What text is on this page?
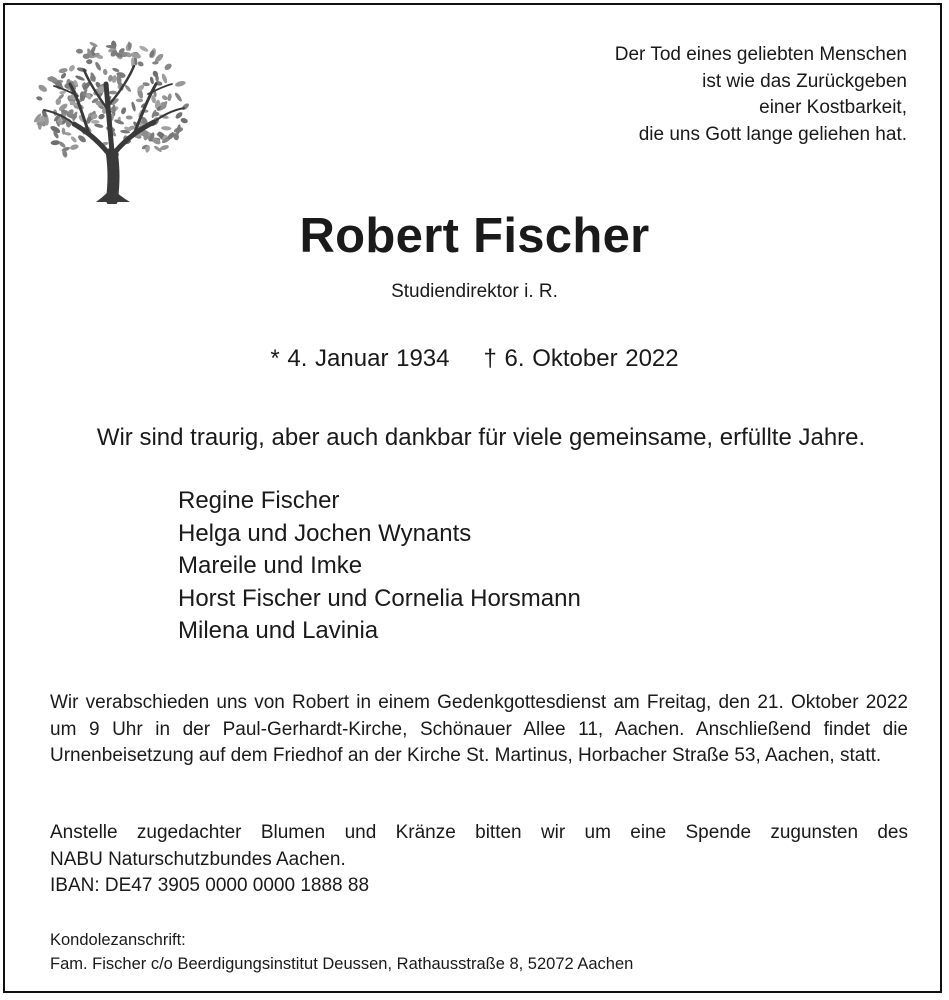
Der Tod eines geliebten Menschen
ist wie das Zurückgeben
einer Kostbarkeit,
die uns Gott lange geliehen hat.
Robert Fischer
Studiendirektor i. R.
* 4. Januar 1934 † 6. Oktober 2022
Wir sind traurig, aber auch dankbar für viele gemeinsame, erfüllte Jahre.
Regine Fischer
Helga und Jochen Wynants
Mareile und Imke
Horst Fischer und Cornelia Horsmann
Milena und Lavinia
Wir verabschieden uns von Robert in einem Gedenkgottesdienst am Freitag, den 21. Oktober 2022 um 9 Uhr in der Paul-Gerhardt-Kirche, Schönauer Allee 11, Aachen. Anschließend findet die Urnenbeisetzung auf dem Friedhof an der Kirche St. Martinus, Horbacher Straße 53, Aachen, statt.
Anstelle zugedachter Blumen und Kränze bitten wir um eine Spende zugunsten des
NABU Naturschutzbundes Aachen.
IBAN: DE47 3905 0000 0000 1888 88
Kondolezanschrift:
Fam. Fischer c/o Beerdigungsinstitut Deussen, Rathausstraße 8, 52072 Aachen
